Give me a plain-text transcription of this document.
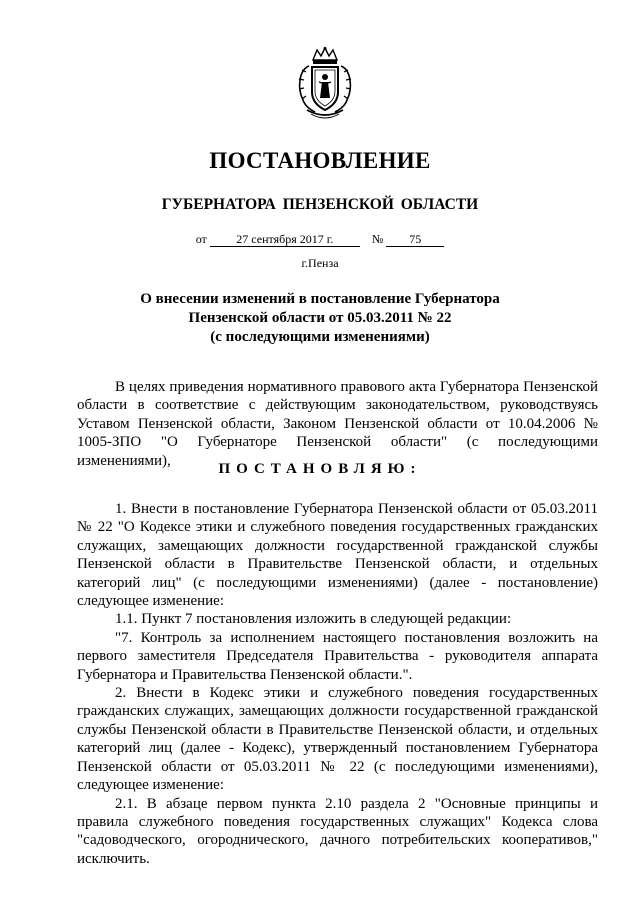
ПОСТАНОВЛЕНИЕ
ГУБЕРНАТОРА ПЕНЗЕНСКОЙ ОБЛАСТИ
от 27 сентября 2017 г.	№ 75
г.Пенза
О внесении изменений в постановление Губернатора
Пензенской области от 05.03.2011 № 22
(с последующими изменениями)
В целях приведения нормативного правового акта Губернатора Пензенской области в соответствие с действующим законодательством, руководствуясь Уставом Пензенской области, Законом Пензенской области от 10.04.2006 № 1005-ЗПО "О Губернаторе Пензенской области" (с последующими изменениями),
ПОСТАНОВЛЯЮ:
1. Внести в постановление Губернатора Пензенской области от 05.03.2011 № 22 "О Кодексе этики и служебного поведения государственных гражданских служащих, замещающих должности государственной гражданской службы Пензенской области в Правительстве Пензенской области, и отдельных категорий лиц" (с последующими изменениями) (далее - постановление) следующее изменение:
1.1. Пункт 7 постановления изложить в следующей редакции:
"7. Контроль за исполнением настоящего постановления возложить на первого заместителя Председателя Правительства - руководителя аппарата Губернатора и Правительства Пензенской области.".
2. Внести в Кодекс этики и служебного поведения государственных гражданских служащих, замещающих должности государственной гражданской службы Пензенской области в Правительстве Пензенской области, и отдельных категорий лиц (далее - Кодекс), утвержденный постановлением Губернатора Пензенской области от 05.03.2011 № 22 (с последующими изменениями), следующее изменение:
2.1. В абзаце первом пункта 2.10 раздела 2 "Основные принципы и правила служебного поведения государственных служащих" Кодекса слова "садоводческого, огороднического, дачного потребительских кооперативов," исключить.
